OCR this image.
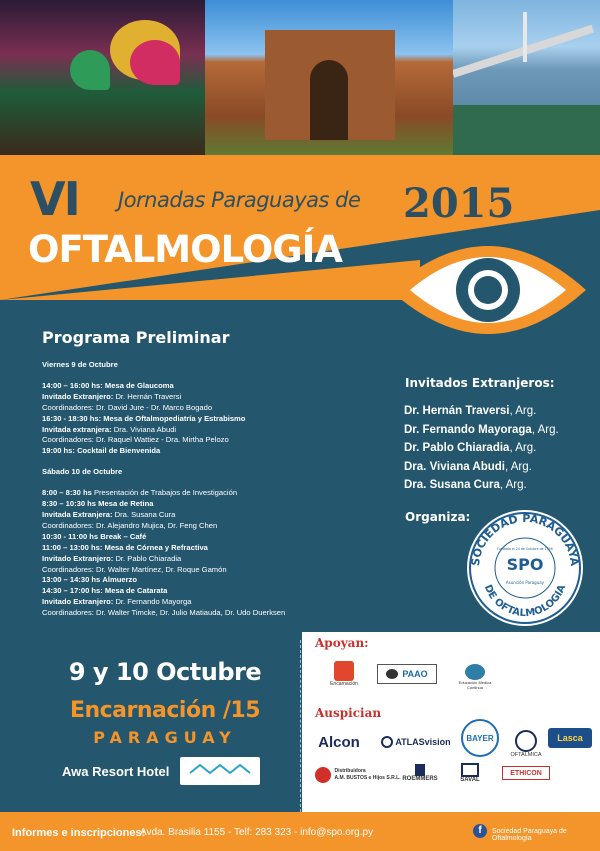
VI Jornadas Paraguayas de 2015
OFTALMOLOGÍA
Programa Preliminar
Viernes 9 de Octubre
14:00 – 16:00 hs: Mesa de Glaucoma
Invitado Extranjero: Dr. Hernán Traversi
Coordinadores: Dr. David Jure - Dr. Marco Bogado
16:30 - 18:30 hs: Mesa de Oftalmopediatría y Estrabismo
Invitada extranjera: Dra. Viviana Abudi
Coordinadores: Dr. Raquel Wattiez - Dra. Mirtha Pelozo
19:00 hs: Cocktail de Bienvenida
Sábado 10 de Octubre
8:00 – 8:30 hs Presentación de Trabajos de Investigación
8:30 – 10:30 hs Mesa de Retina
Invitada Extranjera: Dra. Susana Cura
Coordinadores: Dr. Alejandro Mujica, Dr. Feng Chen
10:30 - 11:00 hs Break – Café
11:00 – 13:00 hs: Mesa de Córnea y Refractiva
Invitado Extranjero: Dr. Pablo Chiaradia
Coordinadores: Dr. Walter Martínez, Dr. Roque Gamón
13:00 – 14:30 hs Almuerzo
14:30 – 17:00 hs: Mesa de Catarata
Invitado Extranjero: Dr. Fernando Mayorga
Coordinadores: Dr. Walter Timcke, Dr. Julio Matiauda, Dr. Udo Duerksen
Invitados Extranjeros:
Dr. Hernán Traversi, Arg.
Dr. Fernando Mayoraga, Arg.
Dr. Pablo Chiaradia, Arg.
Dra. Viviana Abudi, Arg.
Dra. Susana Cura, Arg.
Organiza:
SOCIEDAD PARAGUAYA
DE OFTALMOLOGIA
SPO
Fundada el 24 de Octubre de 1956
Asunción Paraguay
9 y 10 Octubre
Encarnación /15
PARAGUAY
Awa Resort Hotel
Apoyan:
Encarnación
PAAO
Educación Medica Continua
Auspician
Alcon	ATLASvision BAYER
OFTALMICA
Lasca
Distribuidora
A.M. BUSTOS e Hijos S.R.L. ROEMMERS	SAVAL
ETHICON
Informes e inscripciones:
Avda. Brasilia 1155 - Telf: 283 323 - info@spo.org.py	f	Sociedad Paraguaya de Oftalmología
